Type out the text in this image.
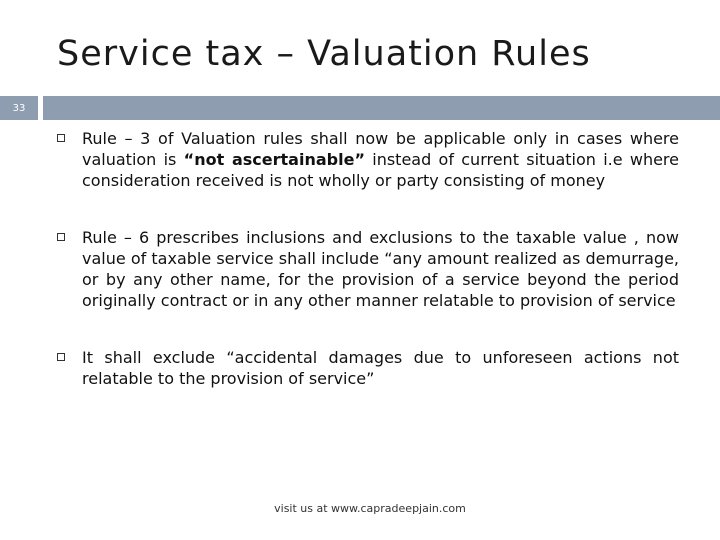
Service tax – Valuation Rules
33
Rule – 3 of Valuation rules shall now be applicable only in cases where valuation is “not ascertainable” instead of current situation i.e where consideration received is not wholly or party consisting of money
Rule – 6 prescribes inclusions and exclusions to the taxable value , now value of taxable service shall include “any amount realized as demurrage, or by any other name, for the provision of a service beyond the period originally contract or in any other manner relatable to provision of service
It shall exclude “accidental damages due to unforeseen actions not relatable to the provision of service”
visit us at www.capradeepjain.com
